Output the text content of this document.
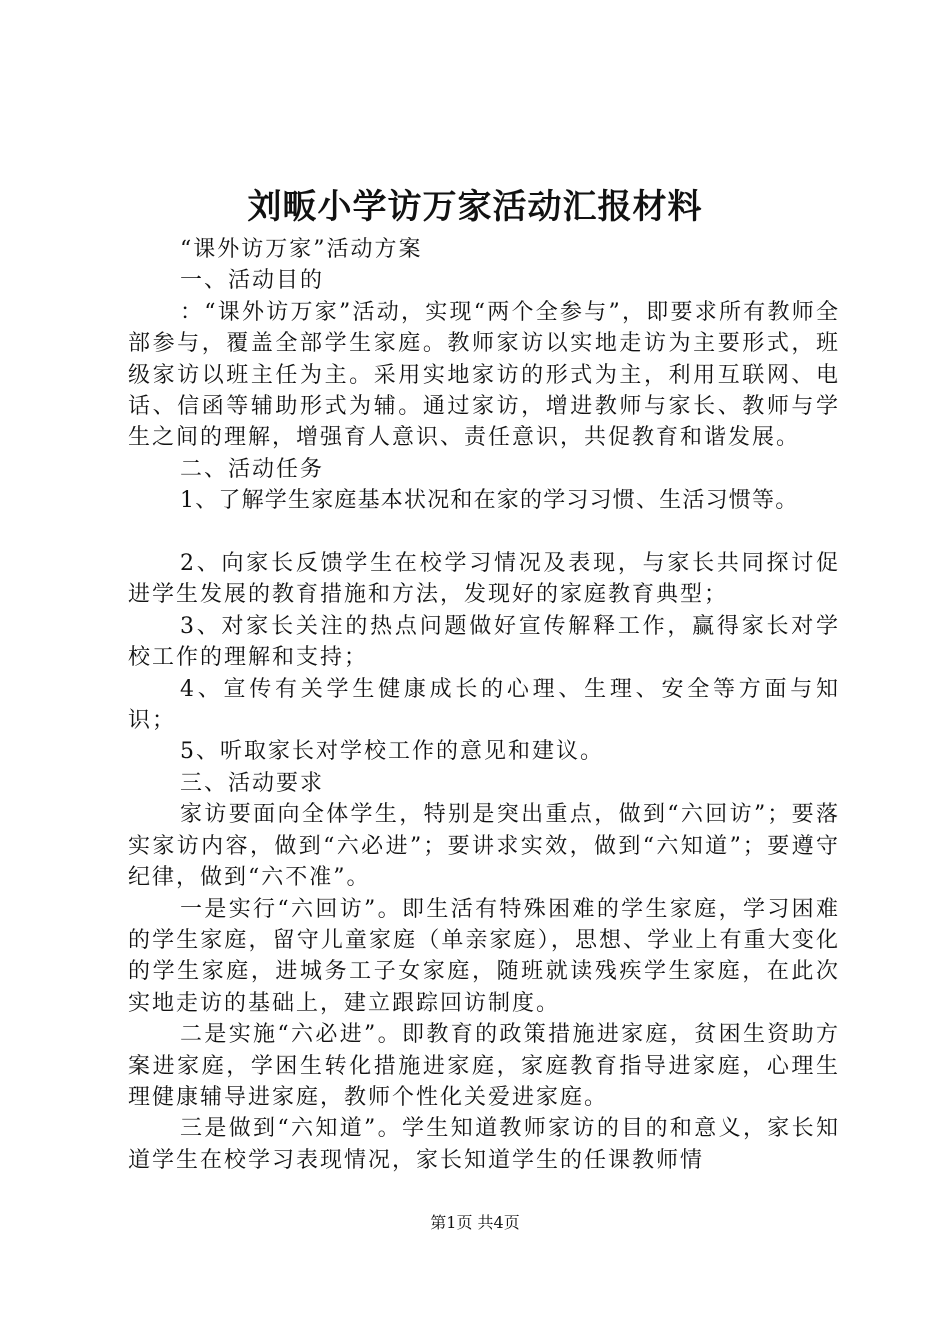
刘畈小学访万家活动汇报材料

“课外访万家”活动方案

一、活动目的

：“课外访万家”活动，实现“两个全参与”，即要求所有教师全部参与，覆盖全部学生家庭。教师家访以实地走访为主要形式，班级家访以班主任为主。采用实地家访的形式为主，利用互联网、电话、信函等辅助形式为辅。通过家访，增进教师与家长、教师与学生之间的理解，增强育人意识、责任意识，共促教育和谐发展。

二、活动任务

1、了解学生家庭基本状况和在家的学习习惯、生活习惯等。

2、向家长反馈学生在校学习情况及表现，与家长共同探讨促进学生发展的教育措施和方法，发现好的家庭教育典型；

3、对家长关注的热点问题做好宣传解释工作，赢得家长对学校工作的理解和支持；

4、宣传有关学生健康成长的心理、生理、安全等方面与知识；

5、听取家长对学校工作的意见和建议。

三、活动要求

家访要面向全体学生，特别是突出重点，做到“六回访”；要落实家访内容，做到“六必进”；要讲求实效，做到“六知道”；要遵守纪律，做到“六不准”。

一是实行“六回访”。即生活有特殊困难的学生家庭，学习困难的学生家庭，留守儿童家庭（单亲家庭），思想、学业上有重大变化的学生家庭，进城务工子女家庭，随班就读残疾学生家庭，在此次实地走访的基础上，建立跟踪回访制度。

二是实施“六必进”。即教育的政策措施进家庭，贫困生资助方案进家庭，学困生转化措施进家庭，家庭教育指导进家庭，心理生理健康辅导进家庭，教师个性化关爱进家庭。

三是做到“六知道”。学生知道教师家访的目的和意义，家长知道学生在校学习表现情况，家长知道学生的任课教师情

第1页 共4页
